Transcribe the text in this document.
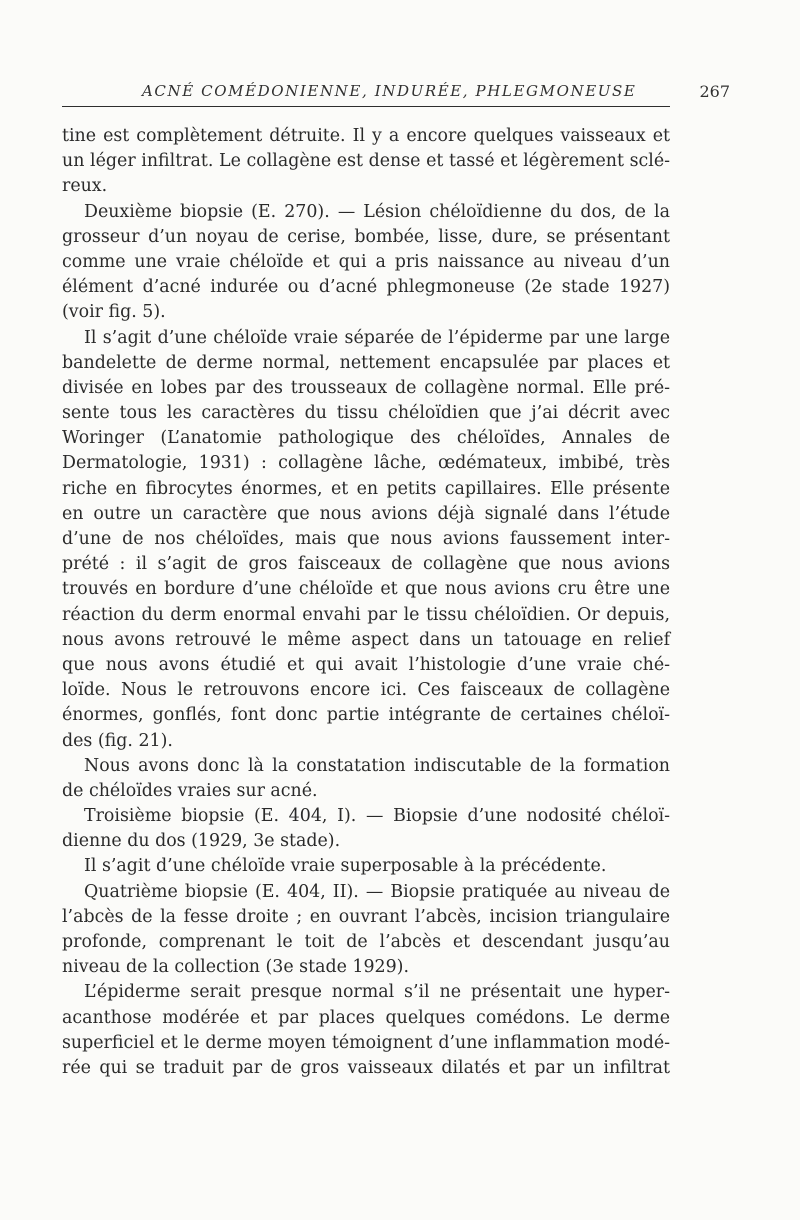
ACNÉ COMÉDONIENNE, INDURÉE, PHLEGMONEUSE	267
tine est complètement détruite. Il y a encore quelques vaisseaux et
un léger infiltrat. Le collagène est dense et tassé et légèrement sclé-
reux.
Deuxième biopsie (E. 270). — Lésion chéloïdienne du dos, de la
grosseur d’un noyau de cerise, bombée, lisse, dure, se présentant
comme une vraie chéloïde et qui a pris naissance au niveau d’un
élément d’acné indurée ou d’acné phlegmoneuse (2e stade 1927)
(voir fig. 5).
Il s’agit d’une chéloïde vraie séparée de l’épiderme par une large
bandelette de derme normal, nettement encapsulée par places et
divisée en lobes par des trousseaux de collagène normal. Elle pré-
sente tous les caractères du tissu chéloïdien que j’ai décrit avec
Woringer (L’anatomie pathologique des chéloïdes, Annales de
Dermatologie, 1931) : collagène lâche, œdémateux, imbibé, très
riche en fibrocytes énormes, et en petits capillaires. Elle présente
en outre un caractère que nous avions déjà signalé dans l’étude
d’une de nos chéloïdes, mais que nous avions faussement inter-
prété : il s’agit de gros faisceaux de collagène que nous avions
trouvés en bordure d’une chéloïde et que nous avions cru être une
réaction du derm enormal envahi par le tissu chéloïdien. Or depuis,
nous avons retrouvé le même aspect dans un tatouage en relief
que nous avons étudié et qui avait l’histologie d’une vraie ché-
loïde. Nous le retrouvons encore ici. Ces faisceaux de collagène
énormes, gonflés, font donc partie intégrante de certaines chéloï-
des (fig. 21).
Nous avons donc là la constatation indiscutable de la formation
de chéloïdes vraies sur acné.
Troisième biopsie (E. 404, I). — Biopsie d’une nodosité chéloï-
dienne du dos (1929, 3e stade).
Il s’agit d’une chéloïde vraie superposable à la précédente.
Quatrième biopsie (E. 404, II). — Biopsie pratiquée au niveau de
l’abcès de la fesse droite ; en ouvrant l’abcès, incision triangulaire
profonde, comprenant le toit de l’abcès et descendant jusqu’au
niveau de la collection (3e stade 1929).
L’épiderme serait presque normal s’il ne présentait une hyper-
acanthose modérée et par places quelques comédons. Le derme
superficiel et le derme moyen témoignent d’une inflammation modé-
rée qui se traduit par de gros vaisseaux dilatés et par un infiltrat
